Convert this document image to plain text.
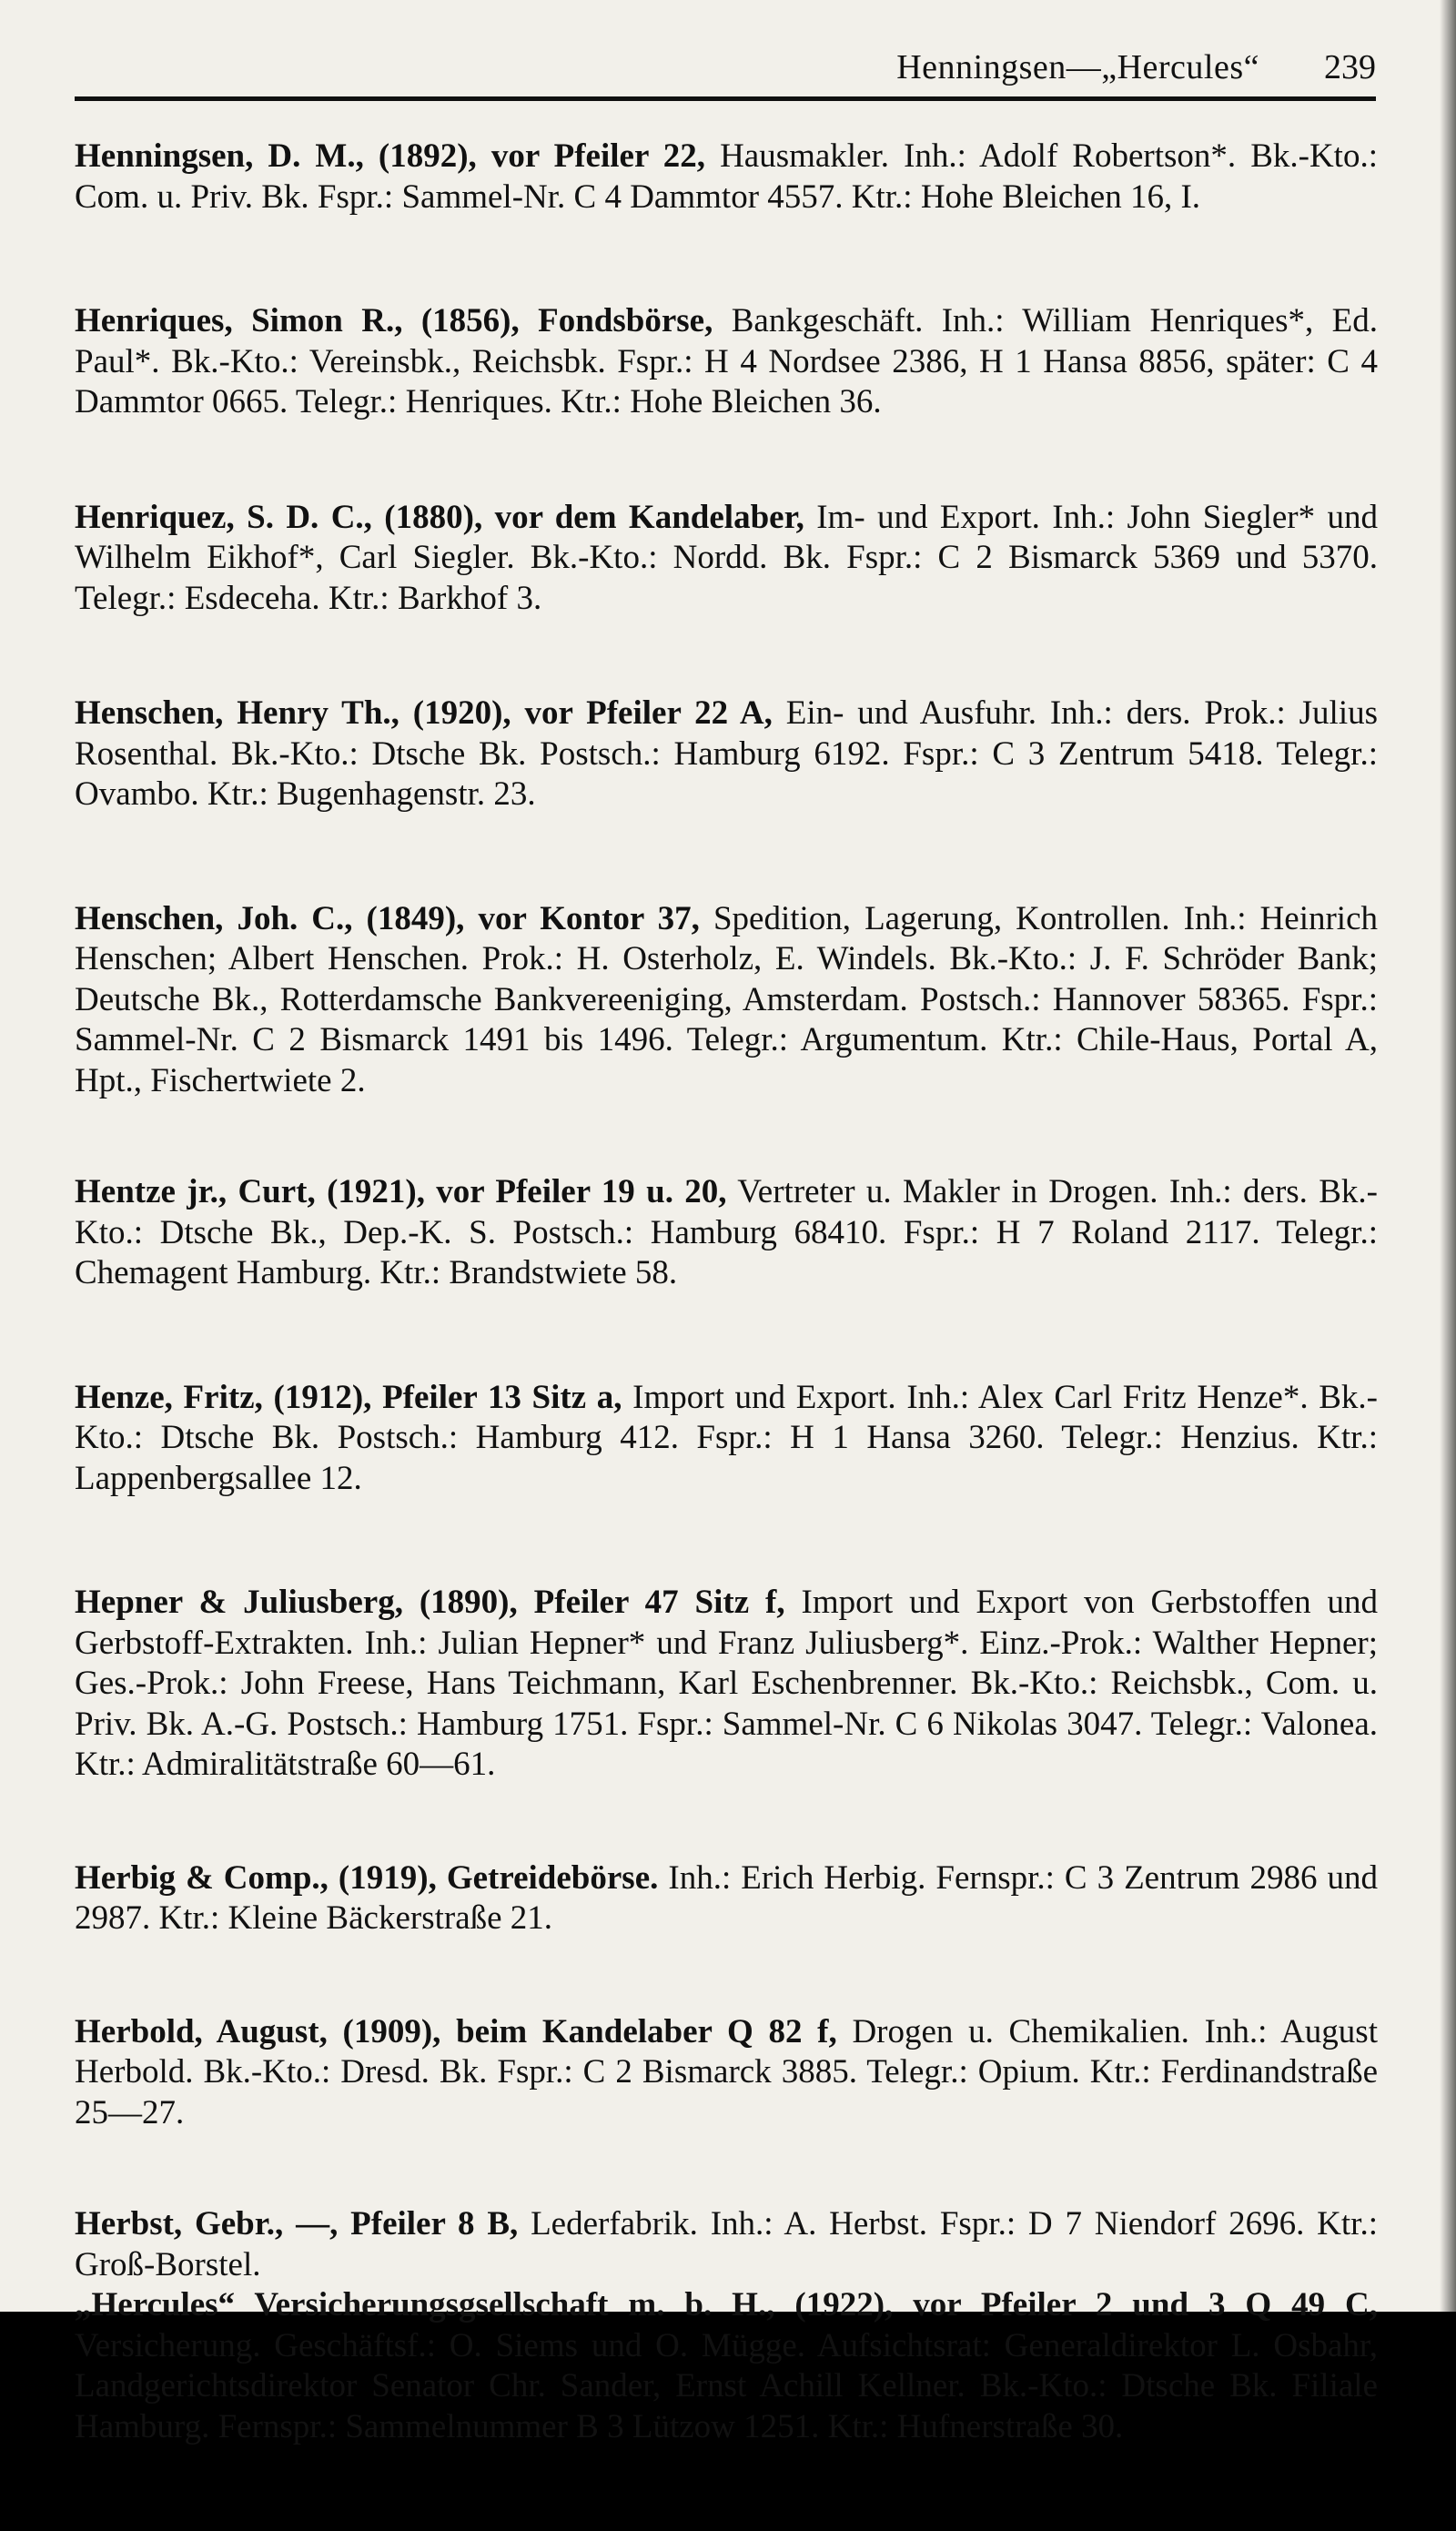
Henningsen—„Hercules“ 239
Henningsen, D. M., (1892), vor Pfeiler 22, Hausmakler. Inh.: Adolf Robertson*. Bk.-Kto.: Com. u. Priv. Bk. Fspr.: Sammel-Nr. C 4 Dammtor 4557. Ktr.: Hohe Bleichen 16, I.
Henriques, Simon R., (1856), Fondsbörse, Bankgeschäft. Inh.: William Henriques*, Ed. Paul*. Bk.-Kto.: Vereinsbk., Reichsbk. Fspr.: H 4 Nordsee 2386, H 1 Hansa 8856, später: C 4 Dammtor 0665. Telegr.: Henriques. Ktr.: Hohe Bleichen 36.
Henriquez, S. D. C., (1880), vor dem Kandelaber, Im- und Export. Inh.: John Siegler* und Wilhelm Eikhof*, Carl Siegler. Bk.-Kto.: Nordd. Bk. Fspr.: C 2 Bismarck 5369 und 5370. Telegr.: Esdeceha. Ktr.: Barkhof 3.
Henschen, Henry Th., (1920), vor Pfeiler 22 A, Ein- und Ausfuhr. Inh.: ders. Prok.: Julius Rosenthal. Bk.-Kto.: Dtsche Bk. Postsch.: Hamburg 6192. Fspr.: C 3 Zentrum 5418. Telegr.: Ovambo. Ktr.: Bugenhagenstr. 23.
Henschen, Joh. C., (1849), vor Kontor 37, Spedition, Lagerung, Kontrollen. Inh.: Heinrich Henschen; Albert Henschen. Prok.: H. Osterholz, E. Windels. Bk.-Kto.: J. F. Schröder Bank; Deutsche Bk., Rotterdamsche Bankvereeniging, Amsterdam. Postsch.: Hannover 58365. Fspr.: Sammel-Nr. C 2 Bismarck 1491 bis 1496. Telegr.: Argumentum. Ktr.: Chile-Haus, Portal A, Hpt., Fischertwiete 2.
Hentze jr., Curt, (1921), vor Pfeiler 19 u. 20, Vertreter u. Makler in Drogen. Inh.: ders. Bk.-Kto.: Dtsche Bk., Dep.-K. S. Postsch.: Hamburg 68410. Fspr.: H 7 Roland 2117. Telegr.: Chemagent Hamburg. Ktr.: Brandstwiete 58.
Henze, Fritz, (1912), Pfeiler 13 Sitz a, Import und Export. Inh.: Alex Carl Fritz Henze*. Bk.-Kto.: Dtsche Bk. Postsch.: Hamburg 412. Fspr.: H 1 Hansa 3260. Telegr.: Henzius. Ktr.: Lappenbergsallee 12.
Hepner & Juliusberg, (1890), Pfeiler 47 Sitz f, Import und Export von Gerbstoffen und Gerbstoff-Extrakten. Inh.: Julian Hepner* und Franz Juliusberg*. Einz.-Prok.: Walther Hepner; Ges.-Prok.: John Freese, Hans Teichmann, Karl Eschenbrenner. Bk.-Kto.: Reichsbk., Com. u. Priv. Bk. A.-G. Postsch.: Hamburg 1751. Fspr.: Sammel-Nr. C 6 Nikolas 3047. Telegr.: Valonea. Ktr.: Admiralitätstraße 60—61.
Herbig & Comp., (1919), Getreidebörse. Inh.: Erich Herbig. Fernspr.: C 3 Zentrum 2986 und 2987. Ktr.: Kleine Bäckerstraße 21.
Herbold, August, (1909), beim Kandelaber Q 82 f, Drogen u. Chemikalien. Inh.: August Herbold. Bk.-Kto.: Dresd. Bk. Fspr.: C 2 Bismarck 3885. Telegr.: Opium. Ktr.: Ferdinandstraße 25—27.
Herbst, Gebr., —, Pfeiler 8 B, Lederfabrik. Inh.: A. Herbst. Fspr.: D 7 Niendorf 2696. Ktr.: Groß-Borstel.
„Hercules“ Versicherungsgsellschaft m. b. H., (1922), vor Pfeiler 2 und 3 Q 49 C, Versicherung. Geschäftsf.: O. Siems und O. Mügge. Aufsichtsrat: Generaldirektor L. Osbahr, Landgerichtsdirektor Senator Chr. Sander, Ernst Achill Kellner. Bk.-Kto.: Dtsche Bk. Filiale Hamburg. Fernspr.: Sammelnummer B 3 Lützow 1251. Ktr.: Hufnerstraße 30.
